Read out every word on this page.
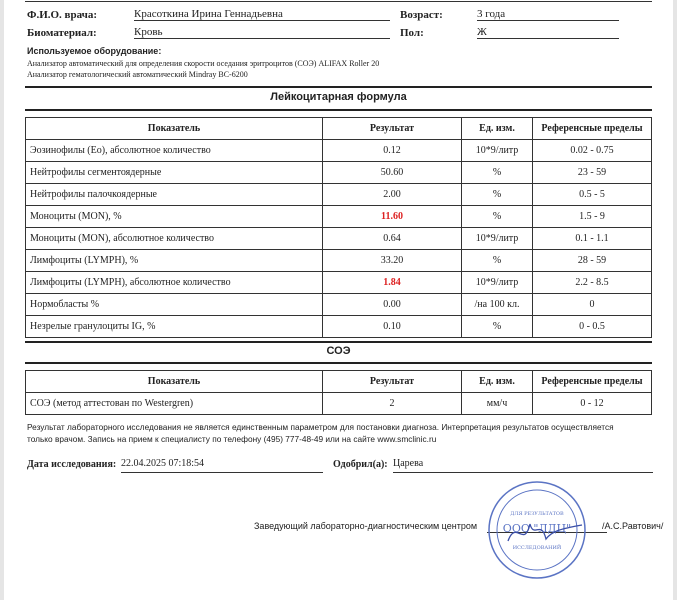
Ф.И.О. врача:	Красоткина Ирина Геннадьевна	Возраст:	3 года
Биоматериал:	Кровь	Пол:	Ж
Используемое оборудование:
Анализатор автоматический для определения скорости оседания эритроцитов (СОЭ) ALIFAX Roller 20
Анализатор гематологический автоматический Mindray BC-6200
Лейкоцитарная формула
Показатель	Результат	Ед. изм.	Референсные пределы
Эозинофилы (Eo), абсолютное количество	0.12	10*9/литр	0.02 - 0.75
Нейтрофилы сегментоядерные	50.60	%	23 - 59
Нейтрофилы палочкоядерные	2.00	%	0.5 - 5
Моноциты (MON), %	11.60	%	1.5 - 9
Моноциты (MON), абсолютное количество	0.64	10*9/литр	0.1 - 1.1
Лимфоциты (LYMPH), %	33.20	%	28 - 59
Лимфоциты (LYMPH), абсолютное количество	1.84	10*9/литр	2.2 - 8.5
Нормобласты %	0.00	/на 100 кл.	0
Незрелые гранулоциты IG, %	0.10	%	0 - 0.5
СОЭ
Показатель	Результат	Ед. изм.	Референсные пределы
СОЭ (метод аттестован по Westergren)	2	мм/ч	0 - 12
Результат лабораторного исследования не является единственным параметром для постановки диагноза. Интерпретация результатов осуществляется только врачом. Запись на прием к специалисту по телефону (495) 777-48-49 или на сайте www.smclinic.ru
Дата исследования: 22.04.2025 07:18:54	Одобрил(а): Царева
Заведующий лабораторно-диагностическим центром	/А.С.Равтович/
ДЛЯ РЕЗУЛЬТАТОВ
ООО "ЛДЦ"
ИССЛЕДОВАНИЙ
